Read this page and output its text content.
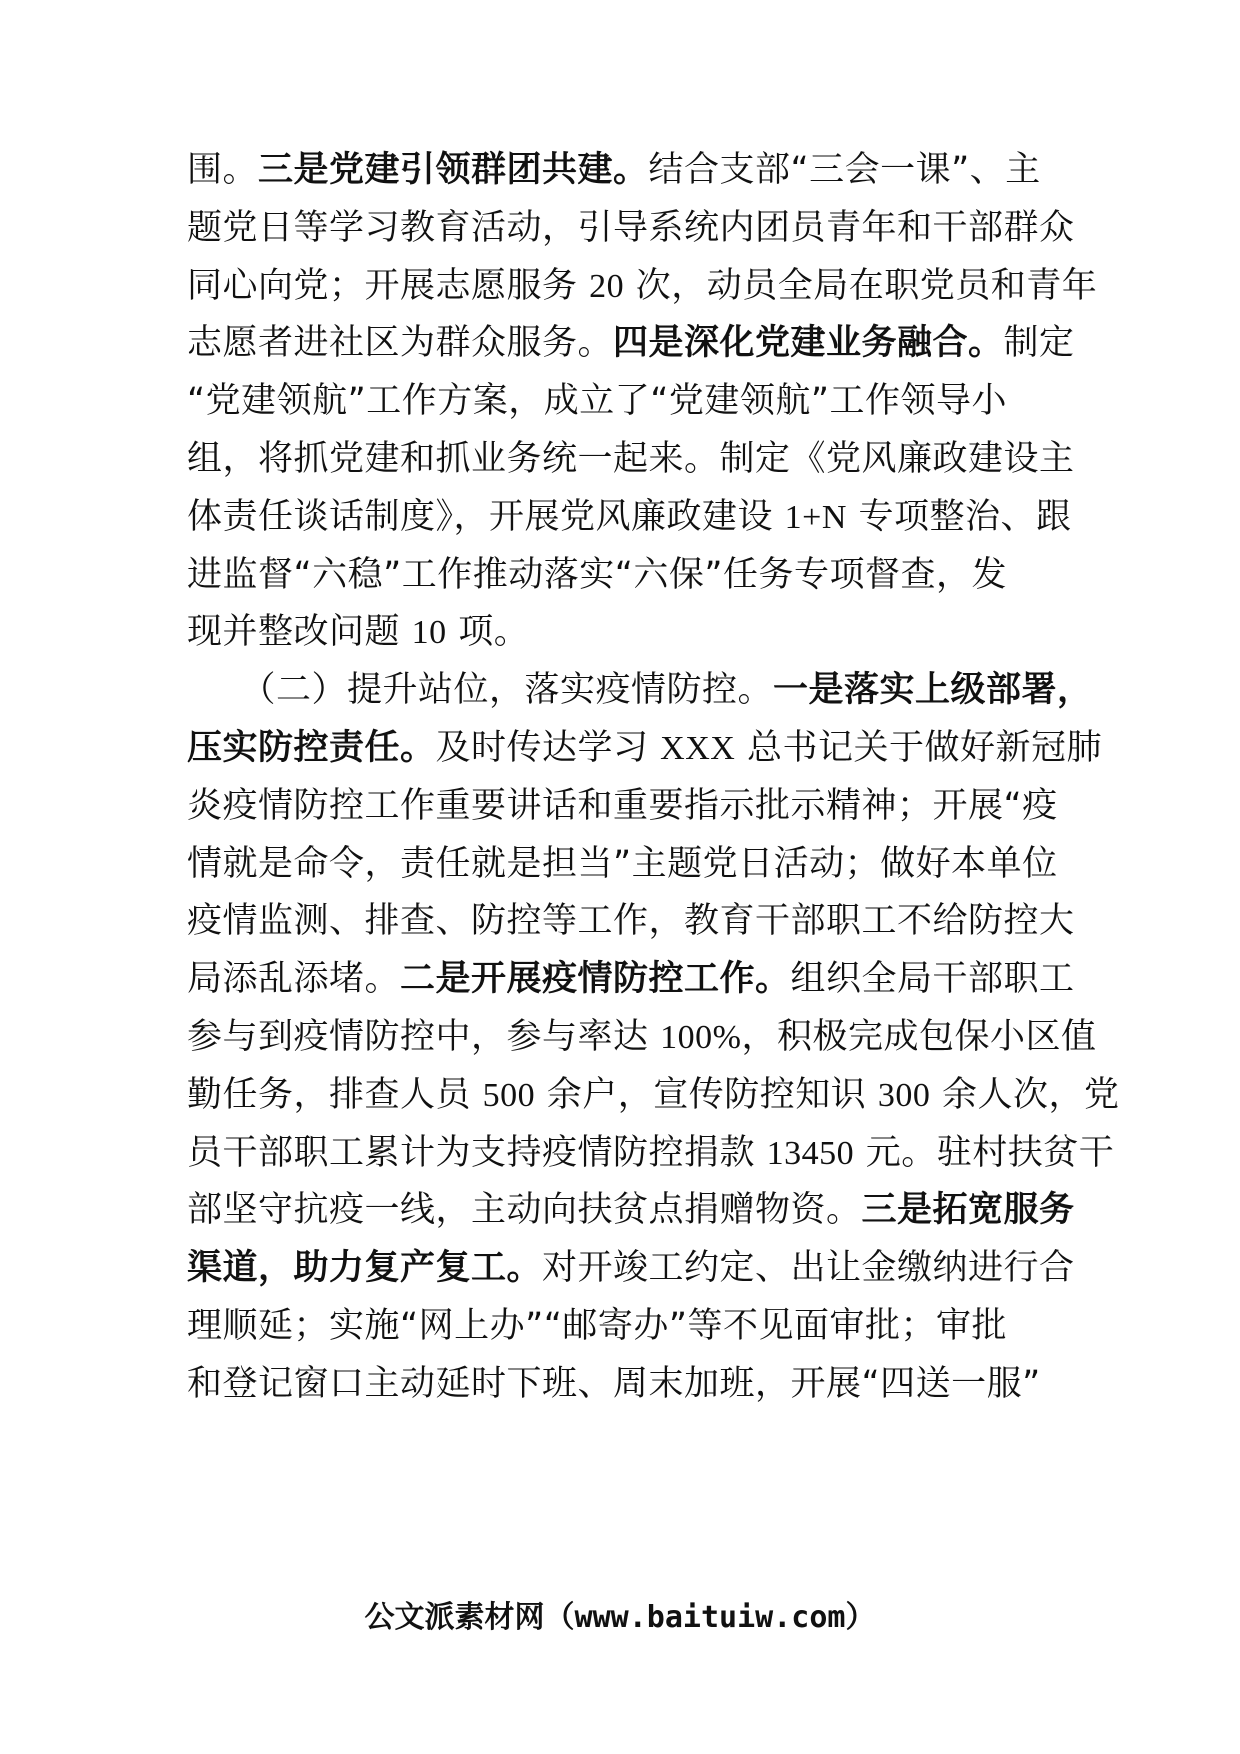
围。三是党建引领群团共建。结合支部“三会一课”、主
题党日等学习教育活动，引导系统内团员青年和干部群众
同心向党；开展志愿服务 20 次，动员全局在职党员和青年
志愿者进社区为群众服务。四是深化党建业务融合。制定
“党建领航”工作方案，成立了“党建领航”工作领导小
组，将抓党建和抓业务统一起来。制定《党风廉政建设主
体责任谈话制度》，开展党风廉政建设 1+N 专项整治、跟
进监督“六稳”工作推动落实“六保”任务专项督查，发
现并整改问题 10 项。
　　（二）提升站位，落实疫情防控。一是落实上级部署，
压实防控责任。及时传达学习 XXX 总书记关于做好新冠肺
炎疫情防控工作重要讲话和重要指示批示精神；开展“疫
情就是命令，责任就是担当”主题党日活动；做好本单位
疫情监测、排查、防控等工作，教育干部职工不给防控大
局添乱添堵。二是开展疫情防控工作。组织全局干部职工
参与到疫情防控中，参与率达 100%，积极完成包保小区值
勤任务，排查人员 500 余户，宣传防控知识 300 余人次，党
员干部职工累计为支持疫情防控捐款 13450 元。驻村扶贫干
部坚守抗疫一线，主动向扶贫点捐赠物资。三是拓宽服务
渠道，助力复产复工。对开竣工约定、出让金缴纳进行合
理顺延；实施“网上办”“邮寄办”等不见面审批；审批
和登记窗口主动延时下班、周末加班，开展“四送一服”
公文派素材网（www.baituiw.com）
